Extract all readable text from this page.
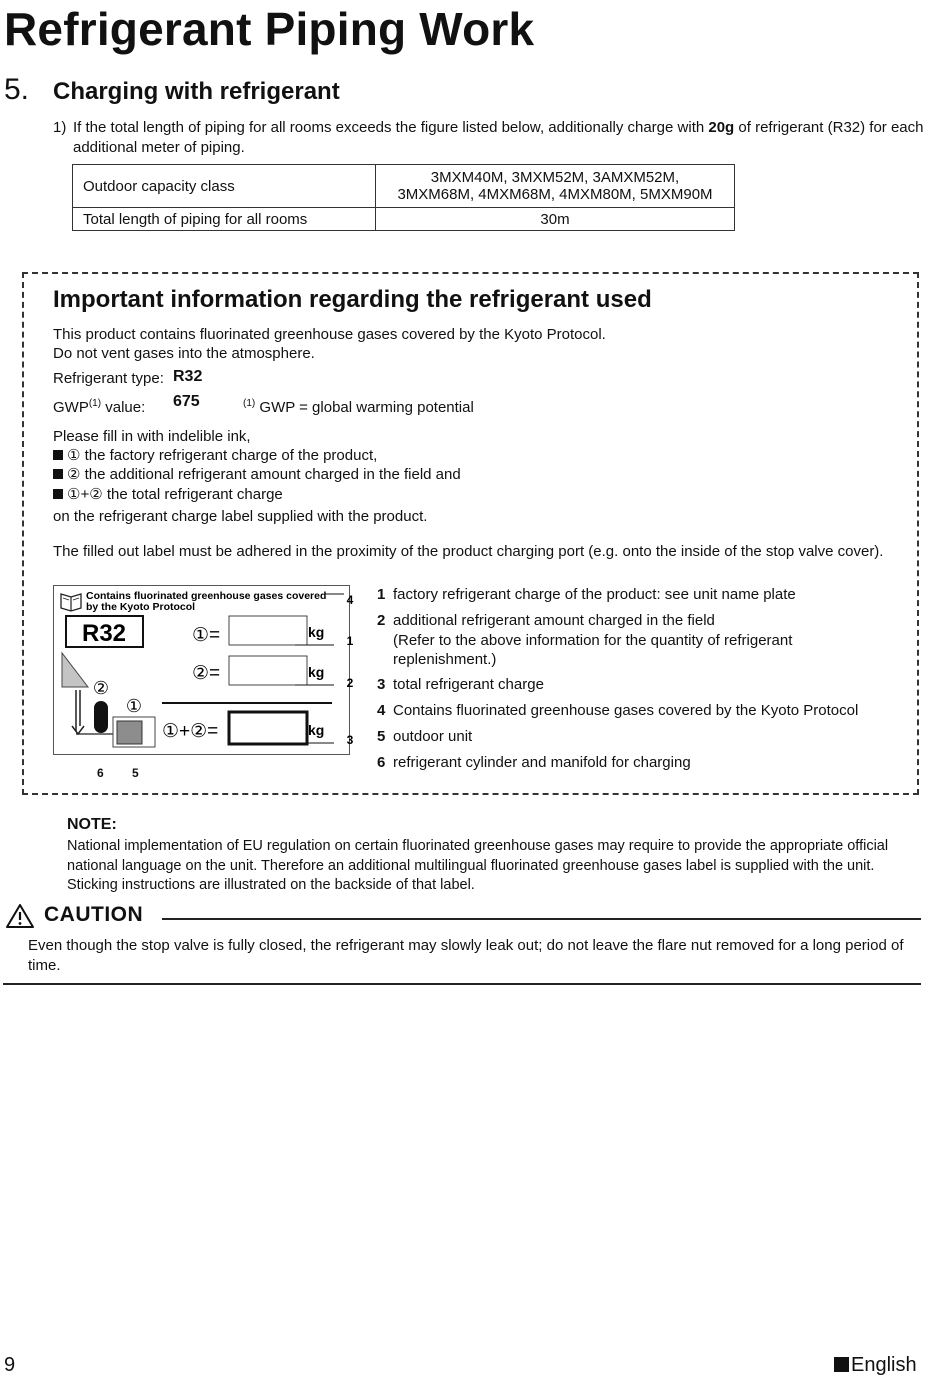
Refrigerant Piping Work
5. Charging with refrigerant
1) If the total length of piping for all rooms exceeds the figure listed below, additionally charge with 20g of refrigerant (R32) for each additional meter of piping.
Outdoor capacity class	3MXM40M, 3MXM52M, 3AMXM52M,
3MXM68M, 4MXM68M, 4MXM80M, 5MXM90M

Total length of piping for all rooms	30m
Important information regarding the refrigerant used
This product contains fluorinated greenhouse gases covered by the Kyoto Protocol.
Do not vent gases into the atmosphere.
Refrigerant type: R32
GWP$^{(1)}$ value: 675	$^{(1)}$ GWP = global warming potential
Please fill in with indelible ink,
① the factory refrigerant charge of the product,
② the additional refrigerant amount charged in the field and
①+② the total refrigerant charge
on the refrigerant charge label supplied with the product.
The filled out label must be adhered in the proximity of the product charging port (e.g. onto the inside of the stop valve cover).
Contains fluorinated greenhouse gases covered
by the Kyoto Protocol
R32	①=	kg
②=	kg
①+②=	kg
②
①
4
1
2
3
6 5
1 factory refrigerant charge of the product: see unit name plate
2 additional refrigerant amount charged in the field
(Refer to the above information for the quantity of refrigerant replenishment.)
3 total refrigerant charge
4 Contains fluorinated greenhouse gases covered by the Kyoto Protocol
5 outdoor unit
6 refrigerant cylinder and manifold for charging
NOTE:
National implementation of EU regulation on certain fluorinated greenhouse gases may require to provide the appropriate official national language on the unit. Therefore an additional multilingual fluorinated greenhouse gases label is supplied with the unit. Sticking instructions are illustrated on the backside of that label.
CAUTION
Even though the stop valve is fully closed, the refrigerant may slowly leak out; do not leave the flare nut removed for a long period of time.
9	English
